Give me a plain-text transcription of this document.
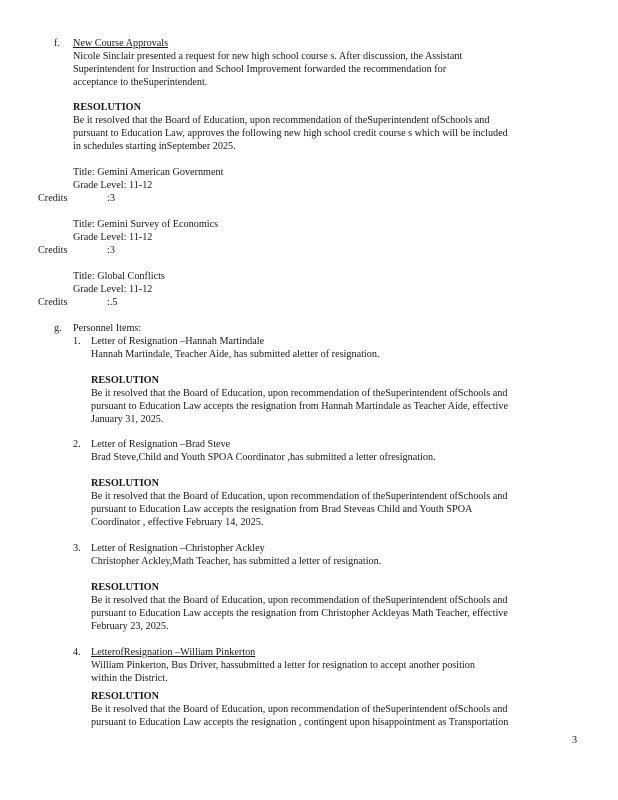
f. New Course Approvals
Nicole Sinclair presented a request for new high school course s. After discussion, the Assistant
Superintendent for Instruction and School Improvement forwarded the recommendation for
acceptance to theSuperintendent.
RESOLUTION
Be it resolved that the Board of Education, upon recommendation of theSuperintendent ofSchools and
pursuant to Education Law, approves the following new high school credit course s which will be included
in schedules starting inSeptember 2025.
Title: Gemini American Government
Grade Level: 11-12
Credits	:3
Title: Gemini Survey of Economics
Grade Level: 11-12
Credits	:3
Title: Global Conflicts
Grade Level: 11-12
Credits	:.5
g. Personnel Items:
1. Letter of Resignation –Hannah Martindale
Hannah Martindale, Teacher Aide, has submitted aletter of resignation.
RESOLUTION
Be it resolved that the Board of Education, upon recommendation of theSuperintendent ofSchools and
pursuant to Education Law accepts the resignation from Hannah Martindale as Teacher Aide, effective
January 31, 2025.
2. Letter of Resignation –Brad Steve
Brad Steve,Child and Youth SPOA Coordinator ,has submitted a letter ofresignation.
RESOLUTION
Be it resolved that the Board of Education, upon recommendation of theSuperintendent ofSchools and
pursuant to Education Law accepts the resignation from Brad Steveas Child and Youth SPOA
Coordinator , effective February 14, 2025.
3. Letter of Resignation –Christopher Ackley
Christopher Ackley,Math Teacher, has submitted a letter of resignation.
RESOLUTION
Be it resolved that the Board of Education, upon recommendation of theSuperintendent ofSchools and
pursuant to Education Law accepts the resignation from Christopher Ackleyas Math Teacher, effective
February 23, 2025.
4. LetterofResignation –William Pinkerton
William Pinkerton, Bus Driver, hassubmitted a letter for resignation to accept another position
within the District.
RESOLUTION
Be it resolved that the Board of Education, upon recommendation of theSuperintendent ofSchools and
pursuant to Education Law accepts the resignation , contingent upon hisappointment as Transportation
3
